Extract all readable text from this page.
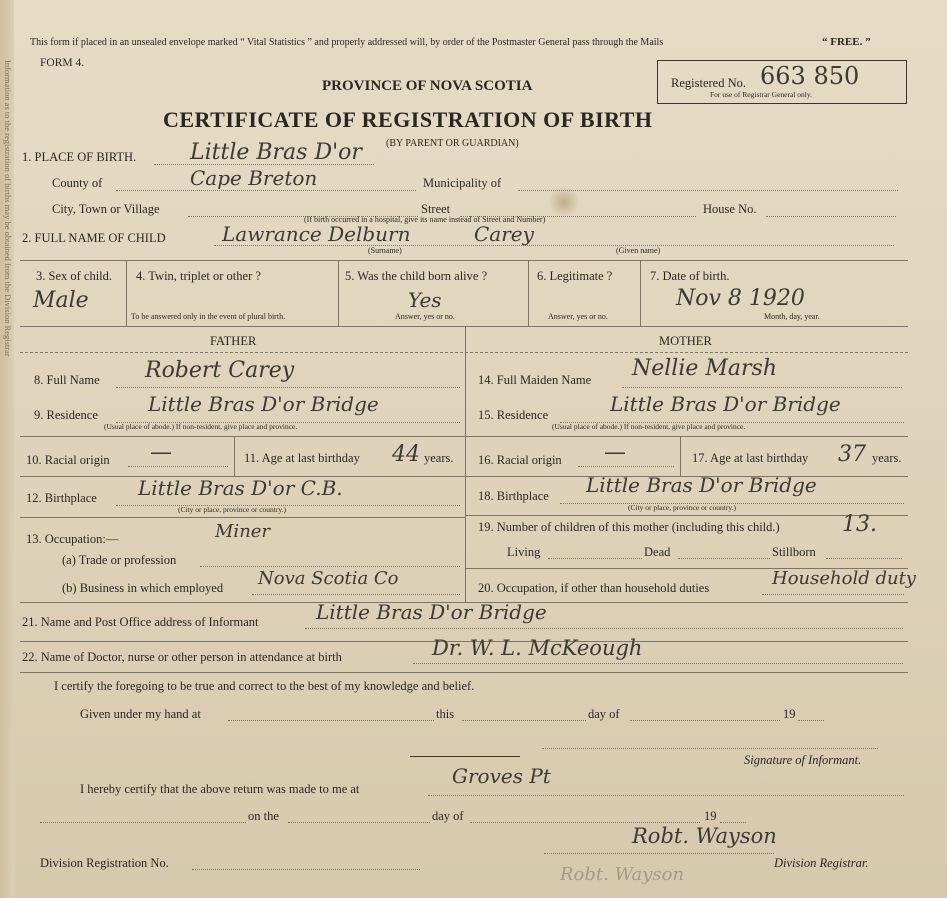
Information as to the registration of births may be obtained from the Division Registrar
This form if placed in an unsealed envelope marked “ Vital Statistics ” and properly addressed will, by order of the Postmaster General pass through the Mails	“ FREE. ”
FORM 4.
PROVINCE OF NOVA SCOTIA
CERTIFICATE OF REGISTRATION OF BIRTH
(BY PARENT OR GUARDIAN)
Registered No. 663 850
For use of Registrar General only.
1. PLACE OF BIRTH. Little Bras D'or
County of	Cape Breton	Municipality of
City, Town or Village	Street	House No.
(If birth occurred in a hospital, give its name instead of Street and Number)
2. FULL NAME OF CHILD	Lawrance Delburn	Carey
(Surname)	(Given name)
3. Sex of child.
Male
4. Twin, triplet or other ?
To be answered only in the event of plural birth.
5. Was the child born alive ?
Yes
Answer, yes or no.
6. Legitimate ?
Answer, yes or no.
7. Date of birth.
Nov 8 1920
Month, day, year.
FATHER	MOTHER
8. Full Name Robert Carey
9. Residence	Little Bras D'or Bridge
(Usual place of abode.) If non-resident, give place and province.
10. Racial origin —	11. Age at last birthday 44 years.
12. Birthplace Little Bras D'or C.B.
(City or place, province or country.)
13. Occupation:—	Miner
(a) Trade or profession
(b) Business in which employed Nova Scotia Co
14. Full Maiden Name Nellie Marsh
15. Residence	Little Bras D'or Bridge
(Usual place of abode.) If non-resident, give place and province.
16. Racial origin —	17. Age at last birthday 37 years.
18. Birthplace Little Bras D'or Bridge
(City or place, province or country.)
19. Number of children of this mother (including this child.)	13.
Living	Dead	Stillborn
20. Occupation, if other than household duties	Household duty
21. Name and Post Office address of Informant	Little Bras D'or Bridge
22. Name of Doctor, nurse or other person in attendance at birth	Dr. W. L. McKeough
I certify the foregoing to be true and correct to the best of my knowledge and belief.
Given under my hand at	this	day of	19
Signature of Informant.
I hereby certify that the above return was made to me at
Groves Pt
on the	day of	19
Division Registration No.
Robt. Wayson
Division Registrar.
Robt. Wayson
